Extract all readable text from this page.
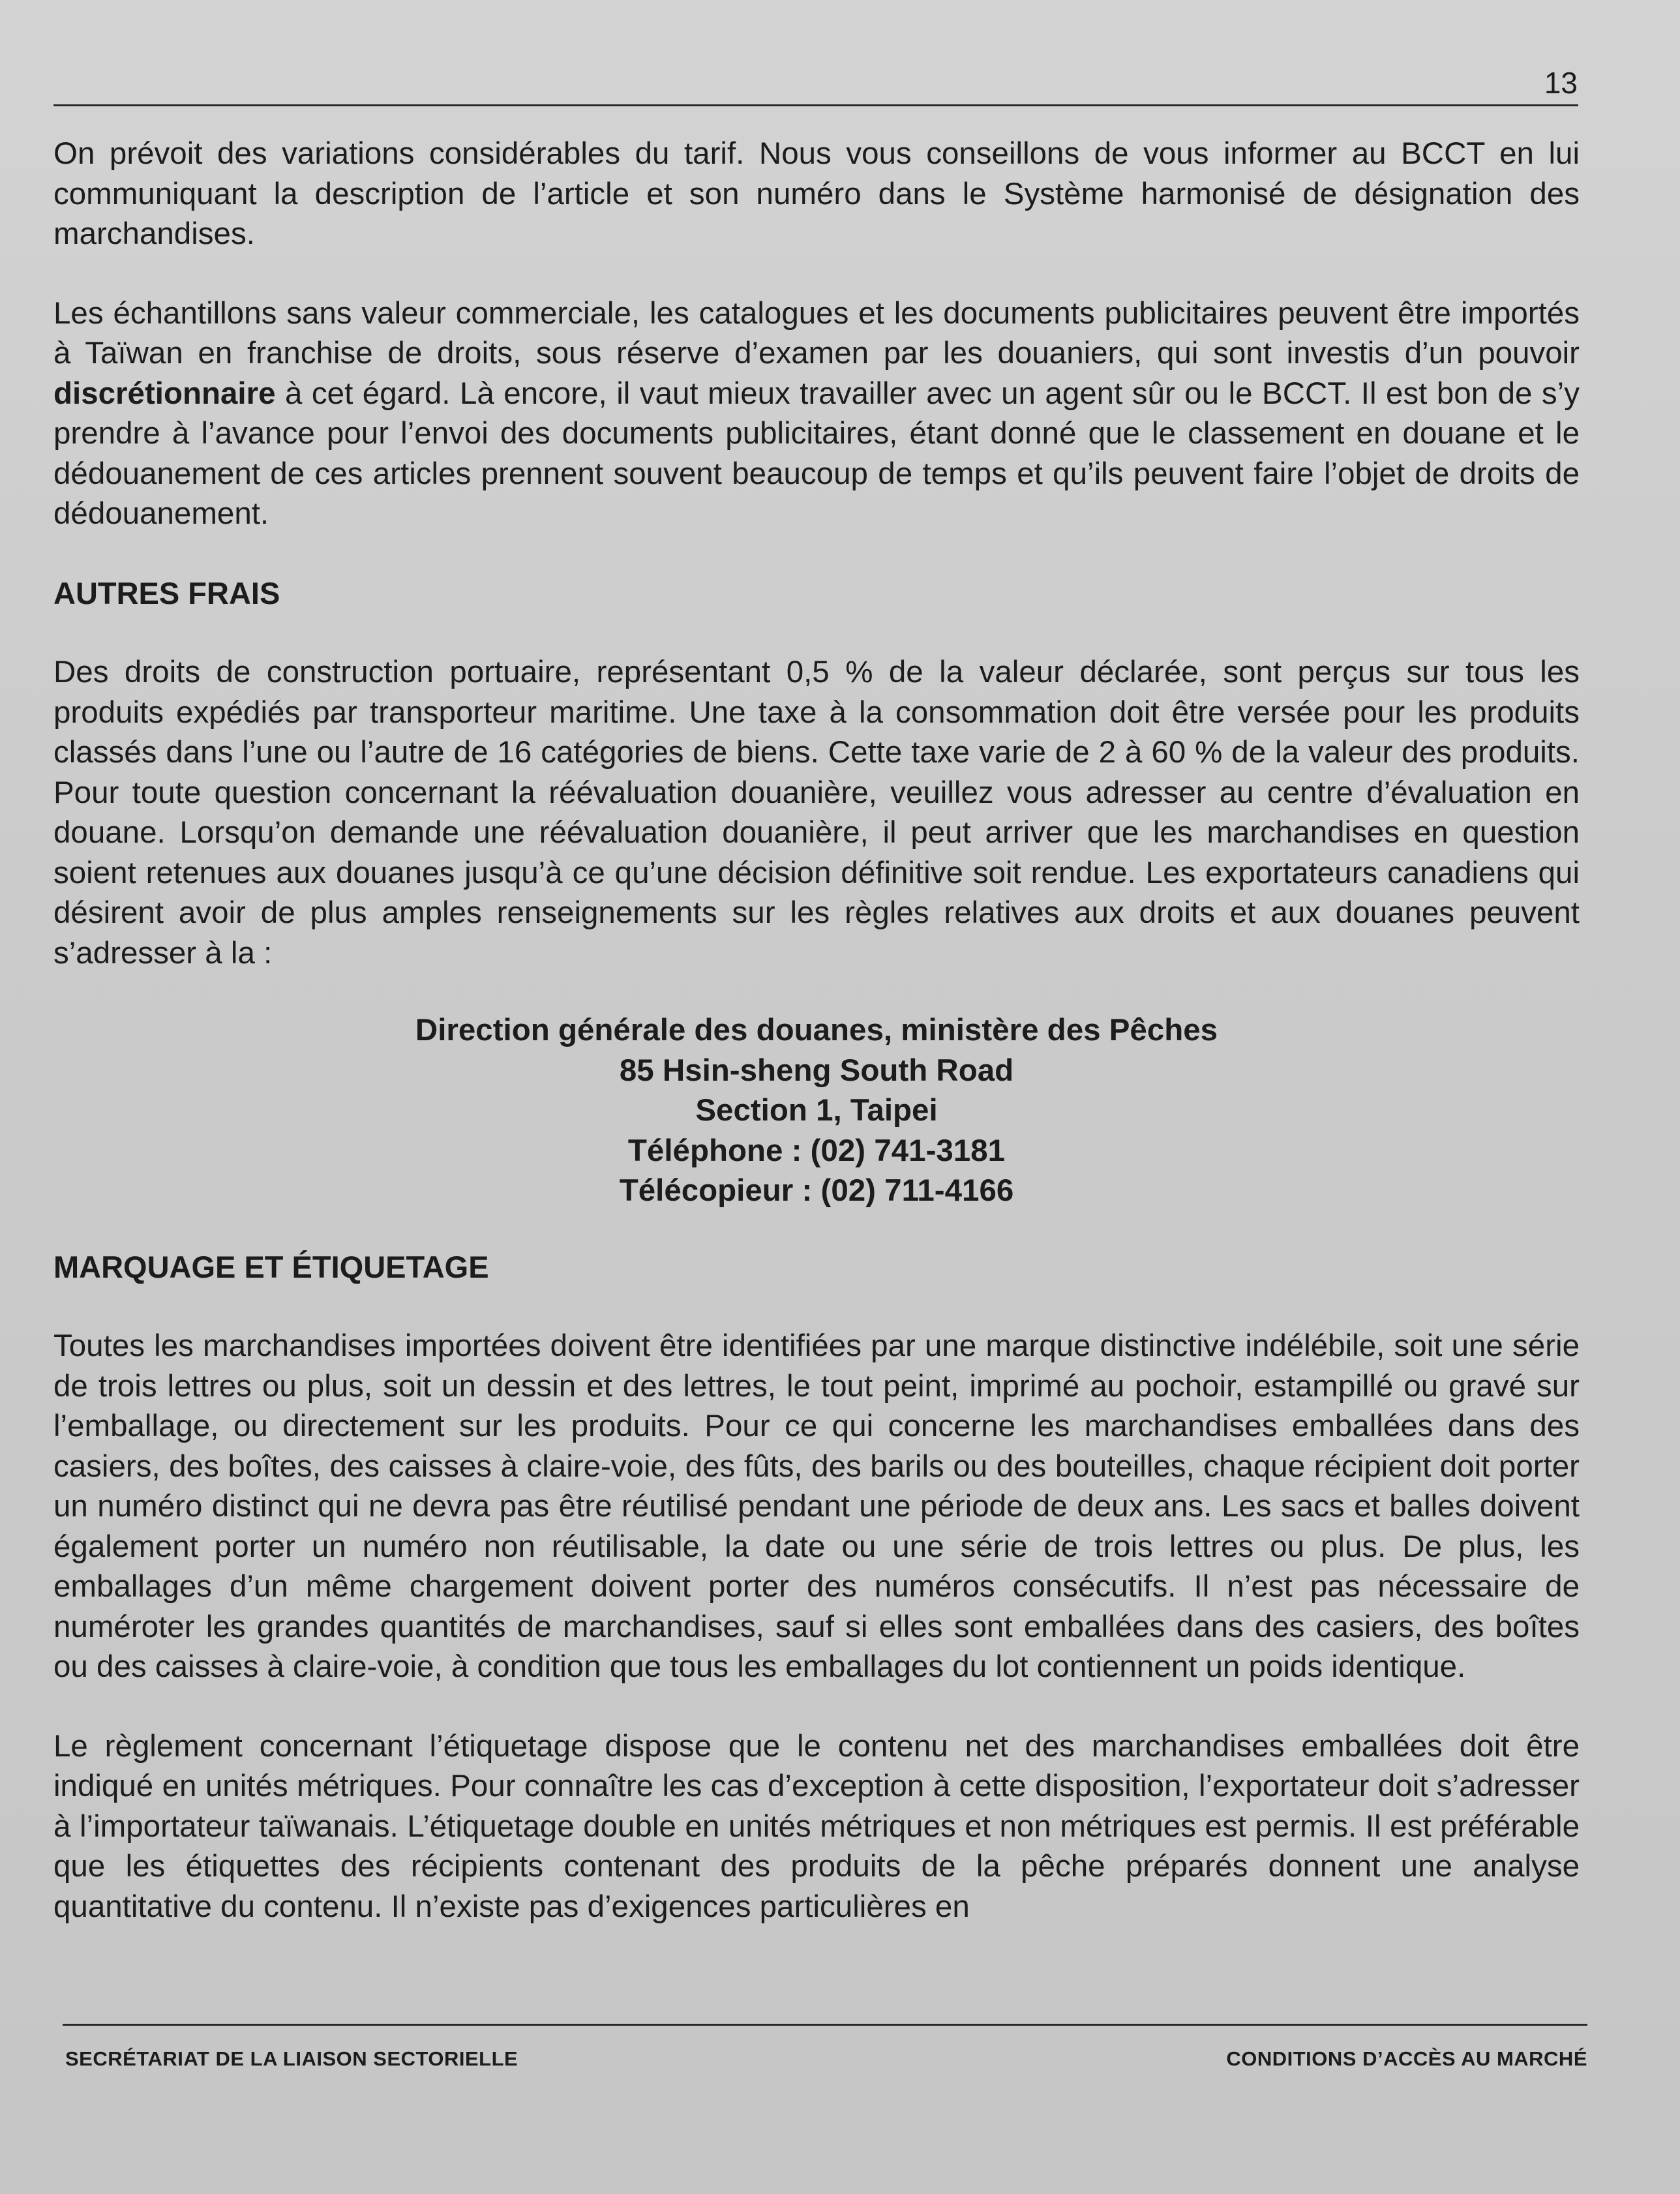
13

On prévoit des variations considérables du tarif. Nous vous conseillons de vous informer au BCCT en lui communiquant la description de l’article et son numéro dans le Système harmonisé de désignation des marchandises.

Les échantillons sans valeur commerciale, les catalogues et les documents publicitaires peuvent être importés à Taïwan en franchise de droits, sous réserve d’examen par les douaniers, qui sont investis d’un pouvoir discrétionnaire à cet égard. Là encore, il vaut mieux travailler avec un agent sûr ou le BCCT. Il est bon de s’y prendre à l’avance pour l’envoi des documents publicitaires, étant donné que le classement en douane et le dédouanement de ces articles prennent souvent beaucoup de temps et qu’ils peuvent faire l’objet de droits de dédouanement.

AUTRES FRAIS

Des droits de construction portuaire, représentant 0,5 % de la valeur déclarée, sont perçus sur tous les produits expédiés par transporteur maritime. Une taxe à la consommation doit être versée pour les produits classés dans l’une ou l’autre de 16 catégories de biens. Cette taxe varie de 2 à 60 % de la valeur des produits. Pour toute question concernant la réévaluation douanière, veuillez vous adresser au centre d’évaluation en douane. Lorsqu’on demande une réévaluation douanière, il peut arriver que les marchandises en question soient retenues aux douanes jusqu’à ce qu’une décision définitive soit rendue. Les exportateurs canadiens qui désirent avoir de plus amples renseignements sur les règles relatives aux droits et aux douanes peuvent s’adresser à la :

Direction générale des douanes, ministère des Pêches
85 Hsin-sheng South Road
Section 1, Taipei
Téléphone : (02) 741-3181
Télécopieur : (02) 711-4166
MARQUAGE ET ÉTIQUETAGE

Toutes les marchandises importées doivent être identifiées par une marque distinctive indélébile, soit une série de trois lettres ou plus, soit un dessin et des lettres, le tout peint, imprimé au pochoir, estampillé ou gravé sur l’emballage, ou directement sur les produits. Pour ce qui concerne les marchandises emballées dans des casiers, des boîtes, des caisses à claire-voie, des fûts, des barils ou des bouteilles, chaque récipient doit porter un numéro distinct qui ne devra pas être réutilisé pendant une période de deux ans. Les sacs et balles doivent également porter un numéro non réutilisable, la date ou une série de trois lettres ou plus. De plus, les emballages d’un même chargement doivent porter des numéros consécutifs. Il n’est pas nécessaire de numéroter les grandes quantités de marchandises, sauf si elles sont emballées dans des casiers, des boîtes ou des caisses à claire-voie, à condition que tous les emballages du lot contiennent un poids identique.

Le règlement concernant l’étiquetage dispose que le contenu net des marchandises emballées doit être indiqué en unités métriques. Pour connaître les cas d’exception à cette disposition, l’exportateur doit s’adresser à l’importateur taïwanais. L’étiquetage double en unités métriques et non métriques est permis. Il est préférable que les étiquettes des récipients contenant des produits de la pêche préparés donnent une analyse quantitative du contenu. Il n’existe pas d’exigences particulières en

SECRÉTARIAT DE LA LIAISON SECTORIELLE	CONDITIONS D’ACCÈS AU MARCHÉ
